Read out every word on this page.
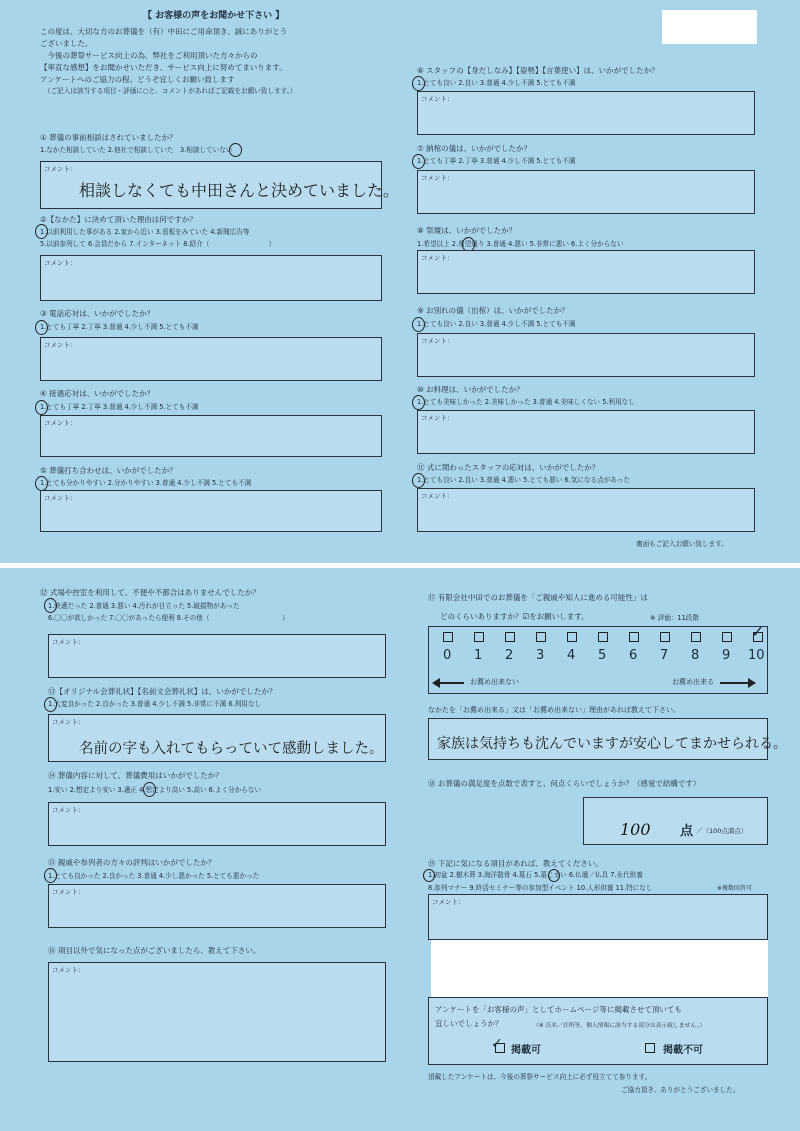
【 お客様の声をお聞かせ下さい 】
この度は、大切な方のお葬儀を（有）中田にご用命頂き、誠にありがとう
ございました。
　今後の葬祭サービス向上の為、弊社をご利用頂いた方々からの
【率直な感想】をお聞かせいただき、サービス向上に努めてまいります。
アンケートへのご協力の程、どうぞ宜しくお願い致します
（ご記入は該当する項目・評価に○と、コメントがあればご記載をお願い致します。）
① 葬儀の事前相談はされていましたか？
1.なかた相談していた 2.他社で相談していた　3.相談していない
コメント：
相談しなくても中田さんと決めていました。
②【なかた】に決めて頂いた理由は何ですか？
1.以前利用した事がある 2.家から近い 3.看板をみていた 4.新聞広告等
5.以前参列して 6.会員だから 7.インターネット 8.紹介（　　　　　　　　　）
コメント：
③ 電話応対は、いかがでしたか？
1.とても丁寧 2.丁寧 3.普通 4.少し不満 5.とても不満
コメント：
④ 接遇応対は、いかがでしたか？
1.とても丁寧 2.丁寧 3.普通 4.少し不満 5.とても不満
コメント：
⑤ 葬儀打ち合わせは、いかがでしたか？
1.とても分かりやすい 2.分かりやすい 3.普通 4.少し不満 5.とても不満
コメント：
⑥ スタッフの【身だしなみ】【姿勢】【言葉使い】は、いかがでしたか？
1.とても良い 2.良い 3.普通 4.少し不満 5.とても不満
コメント：
⑦ 納棺の儀は、いかがでしたか？
1.とても丁寧 2.丁寧 3.普通 4.少し不満 5.とても不満
コメント：
⑧ 祭壇は、いかがでしたか？
1.希望以上 2.希望通り 3.普通 4.悪い 5.非常に悪い 6.よく分からない
コメント：
⑨ お別れの儀（出棺）は、いかがでしたか？
1.とても良い 2.良い 3.普通 4.少し不満 5.とても不満
コメント：
⑩ お料理は、いかがでしたか？
1.とても美味しかった 2.美味しかった 3.普通 4.美味しくない 5.利用なし
コメント：
⑪ 式に関わったスタッフの応対は、いかがでしたか？
1.とても良い 2.良い 3.普通 4.悪い 5.とても悪い 6.気になる点があった
コメント：
裏面もご記入お願い致します。
⑫ 式場や控室を利用して、不便や不都合はありませんでしたか？
1.快適だった 2.普通 3.悪い 4.汚れが目立った 5.破損物があった
6.〇〇が欲しかった 7.〇〇があったら便利 8.その他（　　　　　　　　　　　）
コメント：
⑬【オリジナル会葬礼状】【名前文会葬礼状】は、いかがでしたか？
1.大変良かった 2.良かった 3.普通 4.少し不満 5.非常に不満 6.利用なし
コメント：
名前の字も入れてもらっていて感動しました。
⑭ 葬儀内容に対して、葬儀費用はいかがでしたか？
1.安い 2.想定より安い 3.適正 4.想定より高い 5.高い 6.よく分からない
コメント：
⑮ 親戚や参列者の方々の評判はいかがでしたか？
1.とても良かった 2.良かった 3.普通 4.少し悪かった 5.とても悪かった
コメント：
⑯ 項目以外で気になった点がございましたら、教えて下さい。
コメント：
⑰ 有限会社中田でのお葬儀を「ご親戚や知人に進める可能性」は
どのくらいありますか？☑をお願いします。	※ 評価：11段階
お薦め出来ない	お薦め出来る
なかたを「お薦め出来る」又は「お薦め出来ない」理由があれば教えて下さい。
家族は気持ちも沈んでいますが安心してまかせられる。
⑱ お葬儀の満足度を点数で表すと、何点くらいでしょうか？（感覚で結構です）
100 点 ／（100点満点）
⑲ 下記に気になる項目があれば、教えてください。
1.初盆 2.樹木葬 3.海洋散骨 4.墓石 5.墓じまい 6.仏壇／仏具 7.永代供養
8.参列マナー 9.終活セミナー等の参加型イベント 10.人形供養 11.特になし	※複数回答可
コメント：
アンケートを「お客様の声」としてホームページ等に掲載させて頂いても
宜しいでしょうか？	（※ 氏名／住所等、個人情報に該当する部分は表示致しません。）
✓ 掲載可	掲載不可
頂戴したアンケートは、今後の葬祭サービス向上に必ず役立てて参ります。
ご協力頂き、ありがとうございました。
0 1 2 3 4 5 6 7 8 9 10
✓
